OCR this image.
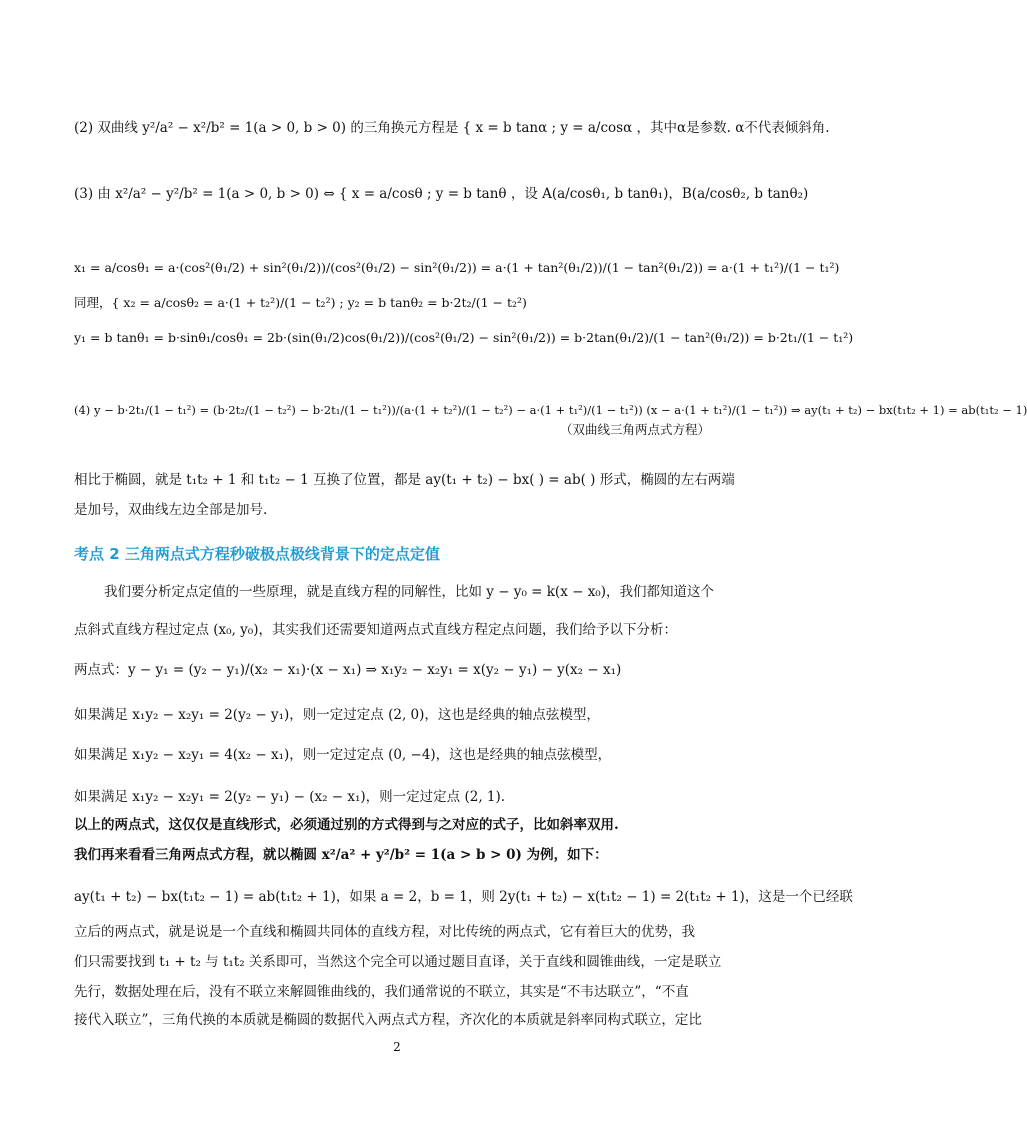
(2) 双曲线 y²/a² − x²/b² = 1(a > 0, b > 0) 的三角换元方程是 { x = b tanα ; y = a/cosα ，其中α是参数. α不代表倾斜角.
(3) 由 x²/a² − y²/b² = 1(a > 0, b > 0) ⇔ { x = a/cosθ ; y = b tanθ ，设 A(a/cosθ₁, b tanθ₁)，B(a/cosθ₂, b tanθ₂)
x₁ = a/cosθ₁ = a·(cos²(θ₁/2) + sin²(θ₁/2))/(cos²(θ₁/2) − sin²(θ₁/2)) = a·(1 + tan²(θ₁/2))/(1 − tan²(θ₁/2)) = a·(1 + t₁²)/(1 − t₁²)
同理，{ x₂ = a/cosθ₂ = a·(1 + t₂²)/(1 − t₂²) ; y₂ = b tanθ₂ = b·2t₂/(1 − t₂²)
y₁ = b tanθ₁ = b·sinθ₁/cosθ₁ = 2b·(sin(θ₁/2)cos(θ₁/2))/(cos²(θ₁/2) − sin²(θ₁/2)) = b·2tan(θ₁/2)/(1 − tan²(θ₁/2)) = b·2t₁/(1 − t₁²)
(4) y − b·2t₁/(1 − t₁²) = (b·2t₂/(1 − t₂²) − b·2t₁/(1 − t₁²))/(a·(1 + t₂²)/(1 − t₂²) − a·(1 + t₁²)/(1 − t₁²)) (x − a·(1 + t₁²)/(1 − t₁²)) ⇒ ay(t₁ + t₂) − bx(t₁t₂ + 1) = ab(t₁t₂ − 1)
（双曲线三角两点式方程）
相比于椭圆，就是 t₁t₂ + 1 和 t₁t₂ − 1 互换了位置，都是 ay(t₁ + t₂) − bx( ) = ab( ) 形式，椭圆的左右两端
是加号，双曲线左边全部是加号.
考点 2 三角两点式方程秒破极点极线背景下的定点定值
我们要分析定点定值的一些原理，就是直线方程的同解性，比如 y − y₀ = k(x − x₀)，我们都知道这个
点斜式直线方程过定点 (x₀, y₀)，其实我们还需要知道两点式直线方程定点问题，我们给予以下分析：
两点式：y − y₁ = (y₂ − y₁)/(x₂ − x₁)·(x − x₁) ⇒ x₁y₂ − x₂y₁ = x(y₂ − y₁) − y(x₂ − x₁)
如果满足 x₁y₂ − x₂y₁ = 2(y₂ − y₁)，则一定过定点 (2, 0)，这也是经典的轴点弦模型，
如果满足 x₁y₂ − x₂y₁ = 4(x₂ − x₁)，则一定过定点 (0, −4)，这也是经典的轴点弦模型，
如果满足 x₁y₂ − x₂y₁ = 2(y₂ − y₁) − (x₂ − x₁)，则一定过定点 (2, 1).
以上的两点式，这仅仅是直线形式，必须通过别的方式得到与之对应的式子，比如斜率双用.
我们再来看看三角两点式方程，就以椭圆 x²/a² + y²/b² = 1(a > b > 0) 为例，如下：
ay(t₁ + t₂) − bx(t₁t₂ − 1) = ab(t₁t₂ + 1)，如果 a = 2，b = 1，则 2y(t₁ + t₂) − x(t₁t₂ − 1) = 2(t₁t₂ + 1)，这是一个已经联
立后的两点式，就是说是一个直线和椭圆共同体的直线方程，对比传统的两点式，它有着巨大的优势，我
们只需要找到 t₁ + t₂ 与 t₁t₂ 关系即可，当然这个完全可以通过题目直译，关于直线和圆锥曲线，一定是联立
先行，数据处理在后，没有不联立来解圆锥曲线的，我们通常说的不联立，其实是“不韦达联立”，“不直
接代入联立”，三角代换的本质就是椭圆的数据代入两点式方程，齐次化的本质就是斜率同构式联立，定比
2
